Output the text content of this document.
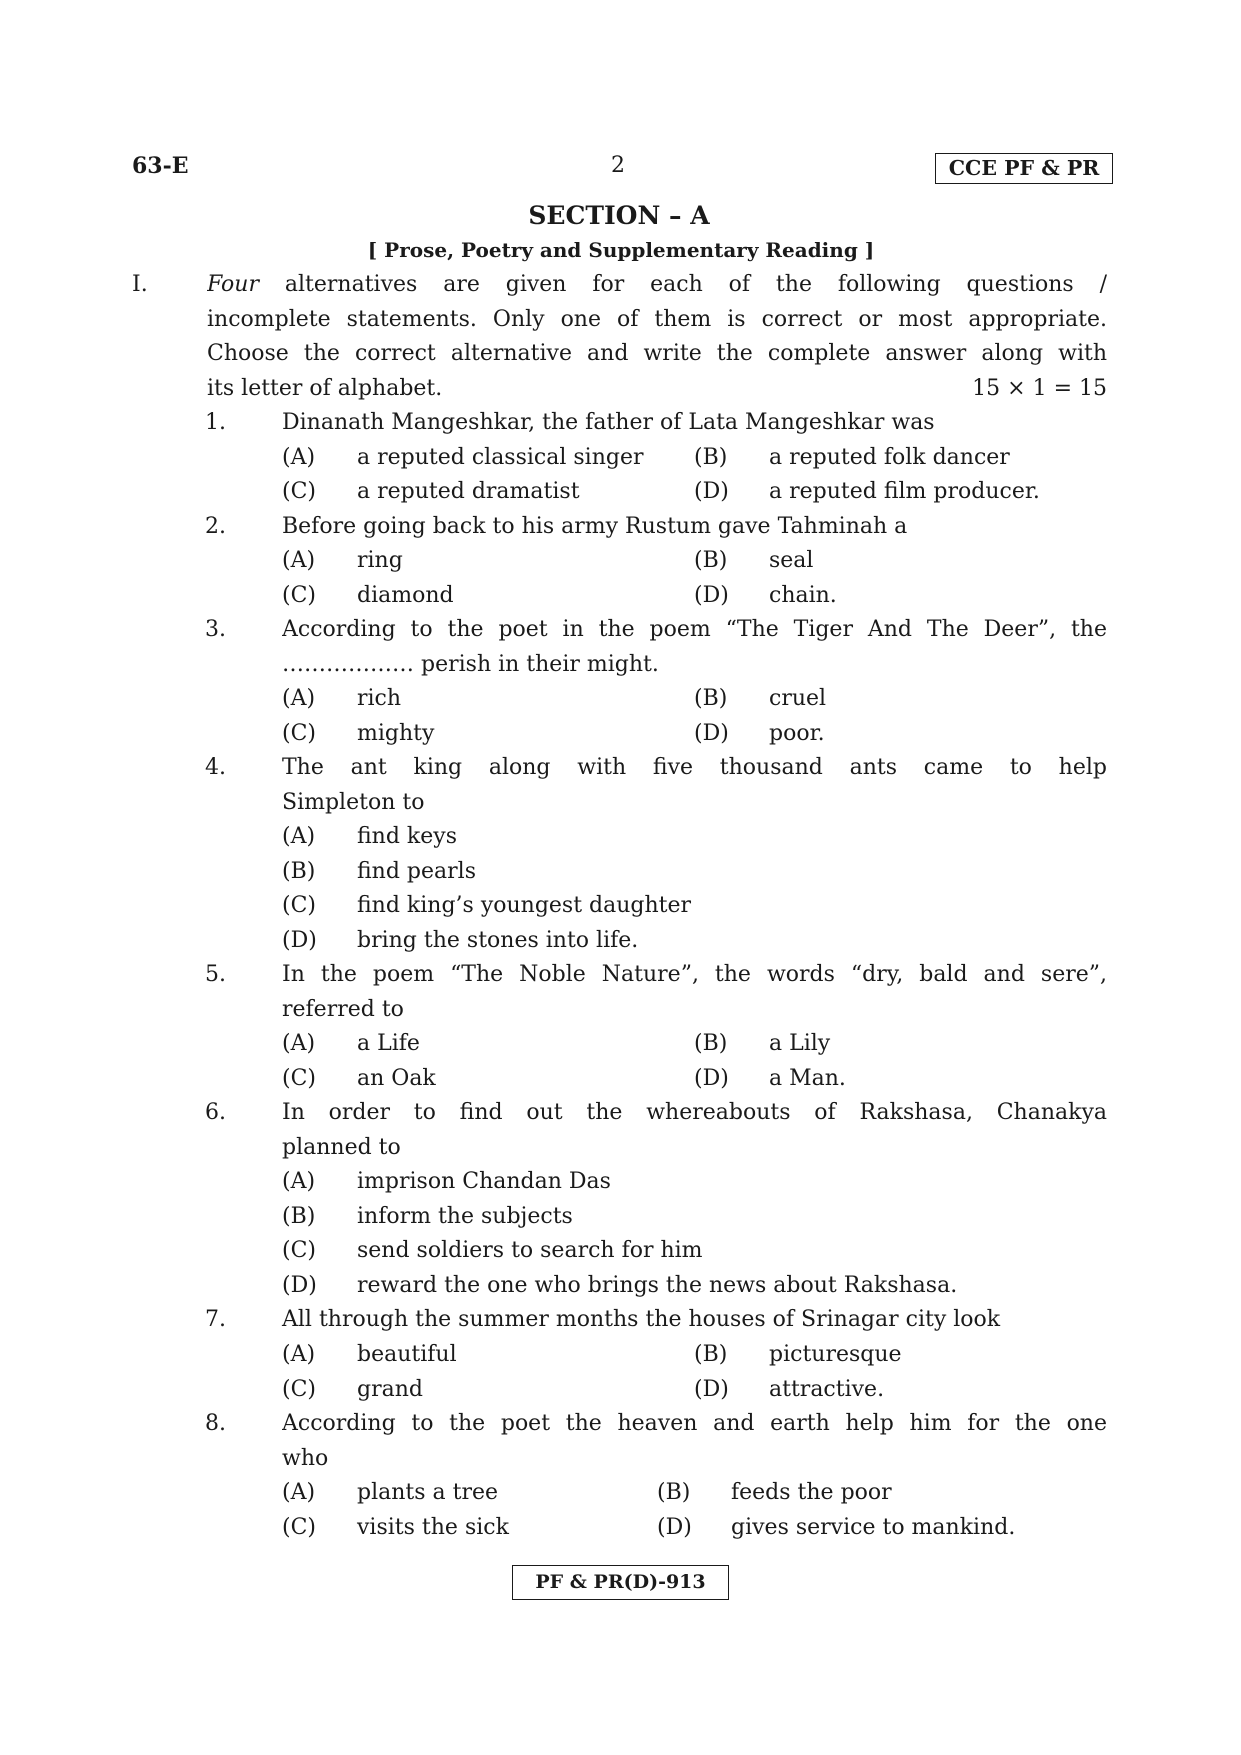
63-E	2	CCE PF & PR
SECTION – A
[ Prose, Poetry and Supplementary Reading ]
I.	Four alternatives are given for each of the following questions /
incomplete statements. Only one of them is correct or most appropriate.
Choose the correct alternative and write the complete answer along with
its letter of alphabet.	15 × 1 = 15
1.	Dinanath Mangeshkar, the father of Lata Mangeshkar was
(A) a reputed classical singer (B) a reputed folk dancer
(C) a reputed dramatist	(D) a reputed film producer.
2.	Before going back to his army Rustum gave Tahminah a
(A) ring	(B) seal
(C) diamond	(D) chain.
3.	According to the poet in the poem “The Tiger And The Deer”, the
……………… perish in their might.
(A) rich	(B) cruel
(C) mighty	(D) poor.
4.	The ant king along with five thousand ants came to help
Simpleton to
(A) find keys
(B) find pearls
(C) find king’s youngest daughter
(D) bring the stones into life.
5.	In the poem “The Noble Nature”, the words “dry, bald and sere”,
referred to
(A) a Life	(B) a Lily
(C) an Oak	(D) a Man.
6.	In order to find out the whereabouts of Rakshasa, Chanakya
planned to
(A) imprison Chandan Das
(B) inform the subjects
(C) send soldiers to search for him
(D) reward the one who brings the news about Rakshasa.
7.	All through the summer months the houses of Srinagar city look
(A) beautiful	(B) picturesque
(C) grand	(D) attractive.
8.	According to the poet the heaven and earth help him for the one
who
(A) plants a tree	(B) feeds the poor
(C) visits the sick	(D) gives service to mankind.
PF & PR(D)-913
